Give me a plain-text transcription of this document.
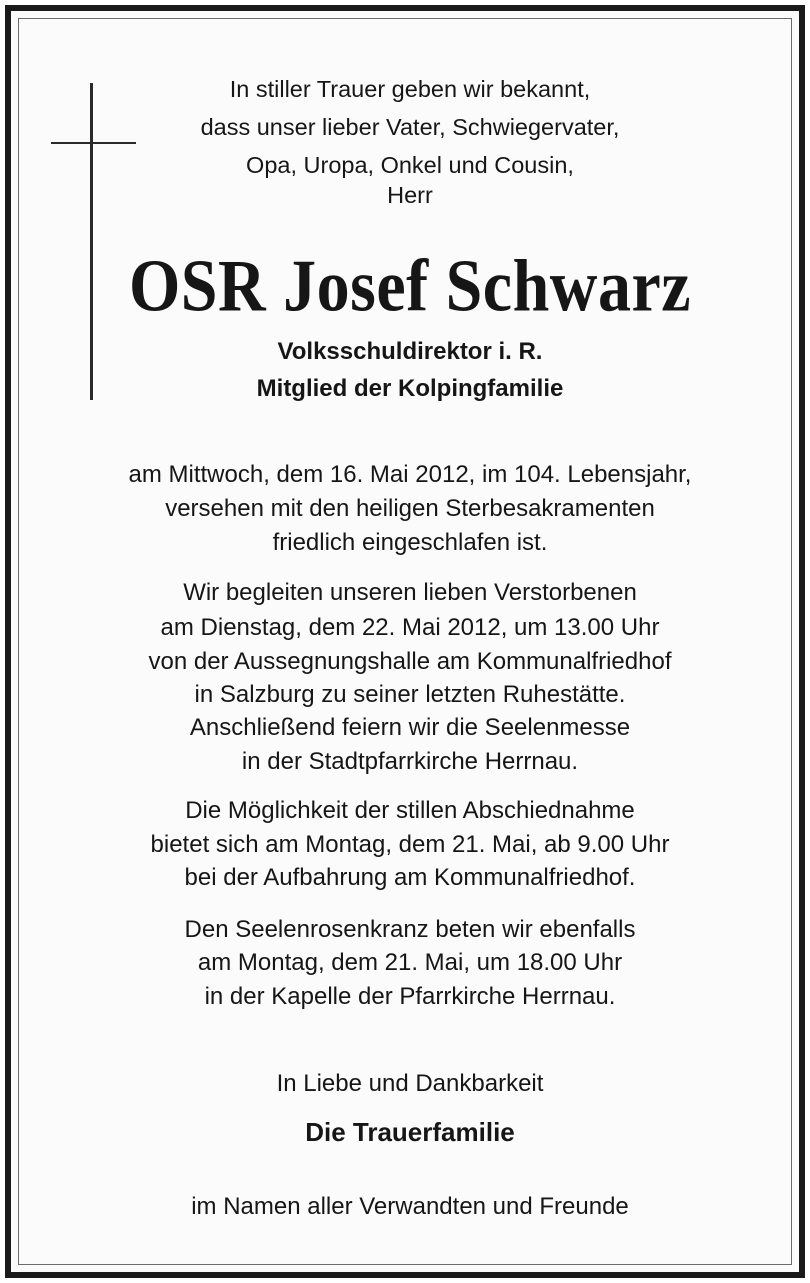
In stiller Trauer geben wir bekannt,
dass unser lieber Vater, Schwiegervater,
Opa, Uropa, Onkel und Cousin,
Herr
OSR Josef Schwarz
Volksschuldirektor i. R.
Mitglied der Kolpingfamilie
am Mittwoch, dem 16. Mai 2012, im 104. Lebensjahr,
versehen mit den heiligen Sterbesakramenten
friedlich eingeschlafen ist.
Wir begleiten unseren lieben Verstorbenen
am Dienstag, dem 22. Mai 2012, um 13.00 Uhr
von der Aussegnungshalle am Kommunalfriedhof
in Salzburg zu seiner letzten Ruhestätte.
Anschließend feiern wir die Seelenmesse
in der Stadtpfarrkirche Herrnau.
Die Möglichkeit der stillen Abschiednahme
bietet sich am Montag, dem 21. Mai, ab 9.00 Uhr
bei der Aufbahrung am Kommunalfriedhof.
Den Seelenrosenkranz beten wir ebenfalls
am Montag, dem 21. Mai, um 18.00 Uhr
in der Kapelle der Pfarrkirche Herrnau.
In Liebe und Dankbarkeit
Die Trauerfamilie
im Namen aller Verwandten und Freunde
